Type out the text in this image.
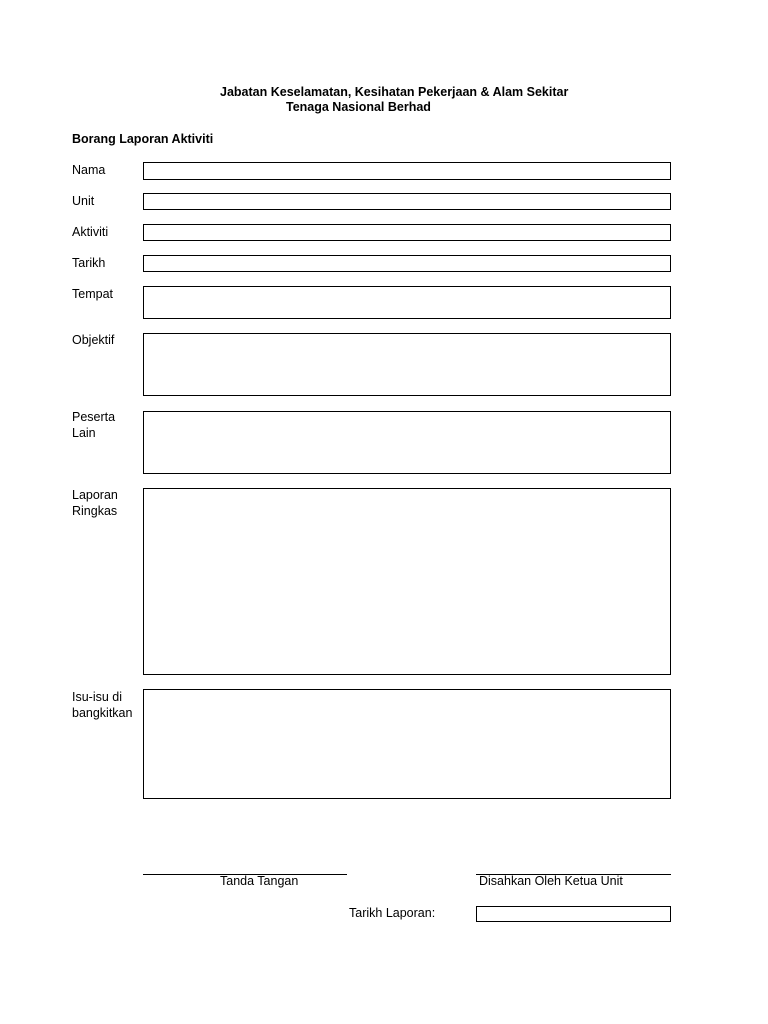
Jabatan Keselamatan, Kesihatan Pekerjaan & Alam Sekitar
Tenaga Nasional Berhad
Borang Laporan Aktiviti
Nama
Unit
Aktiviti
Tarikh
Tempat
Objektif
Peserta
Lain
Laporan
Ringkas
Isu-isu di
bangkitkan
Tanda Tangan	Disahkan Oleh Ketua Unit
Tarikh Laporan:
